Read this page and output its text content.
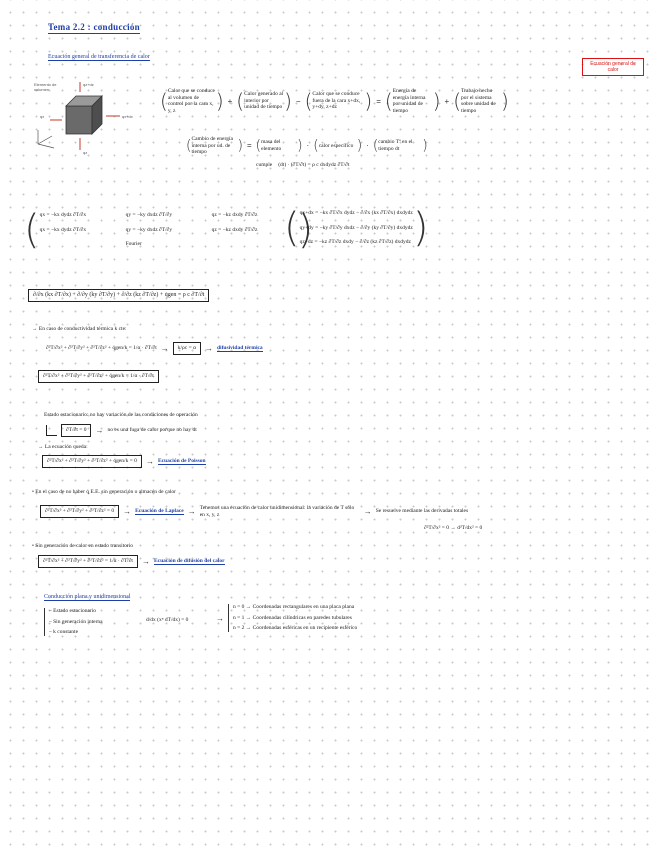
Tema 2.2 : conducción
Ecuación general de transferencia de calor
Ecuación general de calor
Elemento de
volumen
qx+dx
qx
qz+dz
qz
( Calor que se conduce al volumen de control por la cara x, y, z	) + ( Calor generado al interior por unidad de tiempo ) − ( Calor que se conduce fuera de la cara x+dx, y+dy, z+dz	) = ( Energía de energía interna por unidad de tiempo	) + ( Trabajo hecho por el sistema sobre unidad de tiempo	)
( Cambio de energía interna por ud. de tiempo	) = ( masa del elemento	) · ( calor específico ) · ( cambio Tª en el tiempo dt	)
cumple (dt) · (∂T/∂t) = ρ c dxdydz ∂T/∂t
( qx = −kx dydz ∂T/∂x	qy = −ky dxdz ∂T/∂y	qz = −kz dxdy ∂T/∂z
qx = −kx dydz ∂T/∂x	qy = −ky dxdz ∂T/∂y	qz = −kz dxdy ∂T/∂z
Fourier	)
( qx+dx = −kx ∂T/∂x dydz − ∂/∂x (kx ∂T/∂x) dxdydz
qy+dy = −ky ∂T/∂y dxdz − ∂/∂y (ky ∂T/∂y) dxdydz
qz+dz = −kz ∂T/∂z dxdy − ∂/∂z (kz ∂T/∂z) dxdydz )
∂/∂x (kx ∂T/∂x) + ∂/∂y (ky ∂T/∂y) + ∂/∂z (kz ∂T/∂z) + q̇gen = ρ c ∂T/∂t
→ En caso de conductividad térmica k cte:
∂²T/∂x² + ∂²T/∂y² + ∂²T/∂z² + q̇gen/k = 1/α · ∂T/∂t →	k/ρc = α	→ difusividad térmica
∂²T/∂x² + ∂²T/∂y² + ∂²T/∂z² + q̇gen/k = 1/α · ∂T/∂t
Estado estacionario: no hay variación de las condiciones de operación
∂T/∂t = 0	→ no es una fuga de calor porque no hay dt
→ La ecuación queda:
∂²T/∂x² + ∂²T/∂y² + ∂²T/∂z² + q̇gen/k = 0	→ Ecuación de Poisson
• En el caso de no haber q̇ E.E. sin generación o almacén de calor
∂²T/∂x² + ∂²T/∂y² + ∂²T/∂z² = 0	→ Ecuación de Laplace → Tenemos una ecuación de calor unidimensional: la variación de T sólo en x, y, z	→ Se resuelve mediante las derivadas totales
∂²T/∂x² = 0 → d²T/dx² = 0
• Sin generación de calor en estado transitorio
∂²T/∂x² + ∂²T/∂y² + ∂²T/∂z² = 1/α · ∂T/∂t	→ Ecuación de difusión del calor
Conducción plana y unidimensional
– Estado estacionario
– Sin generación interna
– k constante
d/dx (xⁿ dT/dx) = 0	→
n = 0 → Coordenadas rectangulares en una placa plana
n = 1 → Coordenadas cilíndricas en paredes tubulares
n = 2 → Coordenadas esféricas en un recipiente esférico
